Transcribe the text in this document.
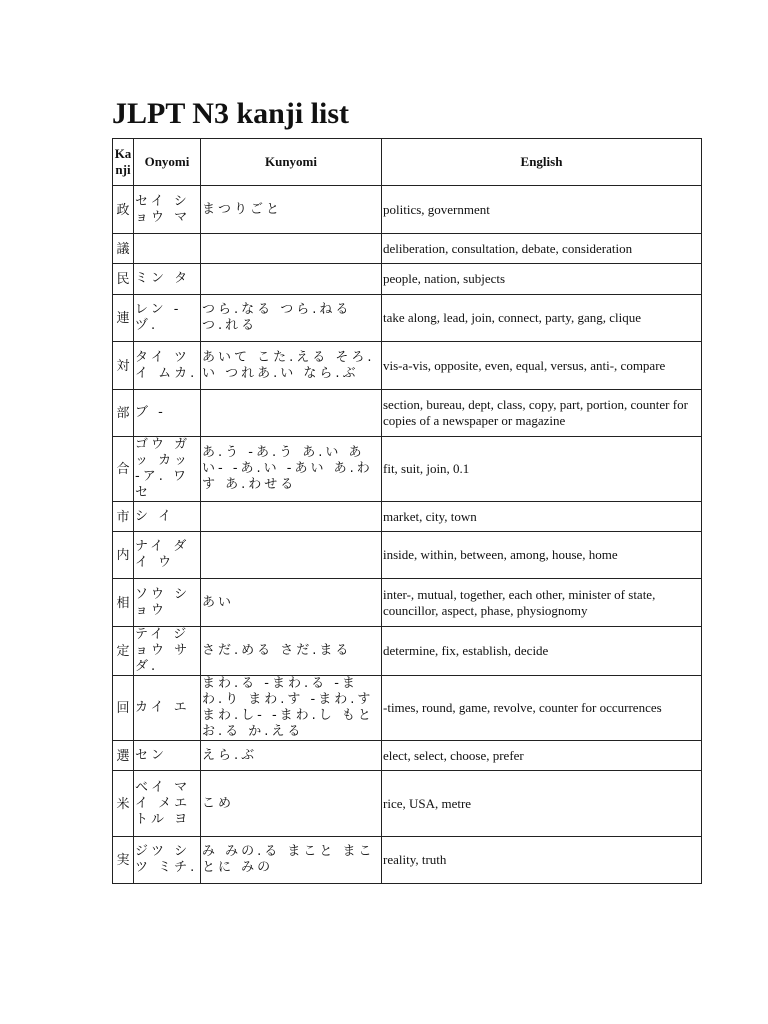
JLPT N3 kanji list
Kanji	Onyomi	Kunyomi	English
政	セイ ショウ マ	まつりごと	politics, government
議			deliberation, consultation, debate, consideration
民	ミン タ		people, nation, subjects
連	レン -ヅ.	つら.なる つら.ねる つ.れる	take along, lead, join, connect, party, gang, clique
対	タイ ツイ ムカ.	あいて こた.える そろ.い つれあ.い なら.ぶ	vis-a-vis, opposite, even, equal, versus, anti-, compare
部	ブ -		section, bureau, dept, class, copy, part, portion, counter for copies of a newspaper or magazine
合	ゴウ ガッ カッ -ア. ワセ	あ.う -あ.う あ.い あい- -あ.い -あい あ.わす あ.わせる	fit, suit, join, 0.1
市	シ イ		market, city, town
内	ナイ ダイ ウ		inside, within, between, among, house, home
相	ソウ ショウ	あい	inter-, mutual, together, each other, minister of state, councillor, aspect, phase, physiognomy
定	テイ ジョウ サダ.	さだ.める さだ.まる	determine, fix, establish, decide
回	カイ エ	まわ.る -まわ.る -まわ.り まわ.す -まわ.す まわ.し- -まわ.し もとお.る か.える	-times, round, game, revolve, counter for occurrences
選	セン	えら.ぶ	elect, select, choose, prefer
米	ベイ マイ メエトル ヨ	こめ	rice, USA, metre
実	ジツ シツ ミチ.	み みの.る まこと まことに みの	reality, truth
